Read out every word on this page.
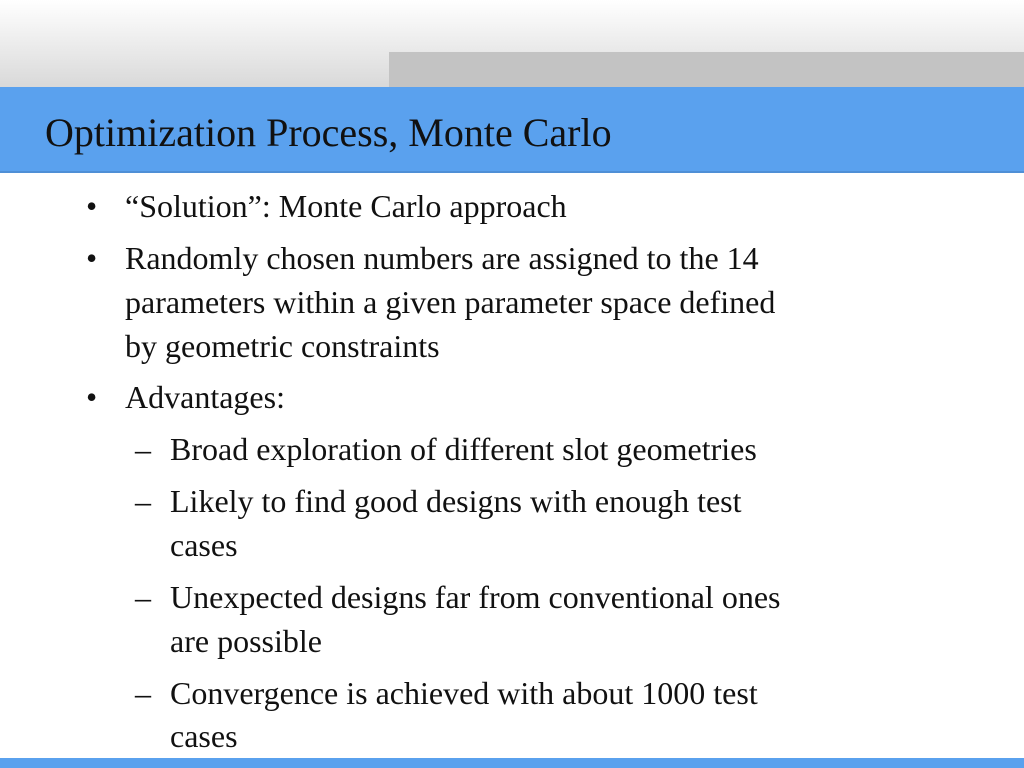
Optimization Process, Monte Carlo
• “Solution”: Monte Carlo approach
• Randomly chosen numbers are assigned to the 14
parameters within a given parameter space defined
by geometric constraints
• Advantages:
– Broad exploration of different slot geometries
– Likely to find good designs with enough test
cases
– Unexpected designs far from conventional ones
are possible
– Convergence is achieved with about 1000 test
cases
